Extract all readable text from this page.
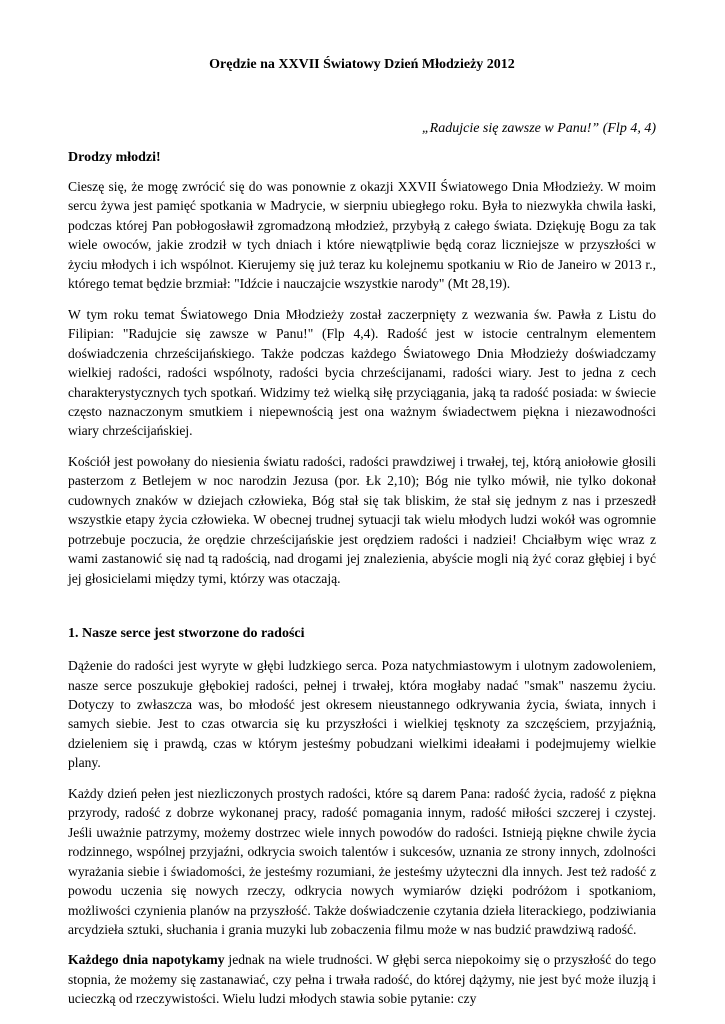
Orędzie na XXVII Światowy Dzień Młodzieży 2012
„Radujcie się zawsze w Panu!” (Flp 4, 4)
Drodzy młodzi!

Cieszę się, że mogę zwrócić się do was ponownie z okazji XXVII Światowego Dnia Młodzieży. W moim sercu żywa jest pamięć spotkania w Madrycie, w sierpniu ubiegłego roku. Była to niezwykła chwila łaski, podczas której Pan pobłogosławił zgromadzoną młodzież, przybyłą z całego świata. Dziękuję Bogu za tak wiele owoców, jakie zrodził w tych dniach i które niewątpliwie będą coraz liczniejsze w przyszłości w życiu młodych i ich wspólnot. Kierujemy się już teraz ku kolejnemu spotkaniu w Rio de Janeiro w 2013 r., którego temat będzie brzmiał: "Idźcie i nauczajcie wszystkie narody" (Mt 28,19).

W tym roku temat Światowego Dnia Młodzieży został zaczerpnięty z wezwania św. Pawła z Listu do Filipian: "Radujcie się zawsze w Panu!" (Flp 4,4). Radość jest w istocie centralnym elementem doświadczenia chrześcijańskiego. Także podczas każdego Światowego Dnia Młodzieży doświadczamy wielkiej radości, radości wspólnoty, radości bycia chrześcijanami, radości wiary. Jest to jedna z cech charakterystycznych tych spotkań. Widzimy też wielką siłę przyciągania, jaką ta radość posiada: w świecie często naznaczonym smutkiem i niepewnością jest ona ważnym świadectwem piękna i niezawodności wiary chrześcijańskiej.

Kościół jest powołany do niesienia światu radości, radości prawdziwej i trwałej, tej, którą aniołowie głosili pasterzom z Betlejem w noc narodzin Jezusa (por. Łk 2,10); Bóg nie tylko mówił, nie tylko dokonał cudownych znaków w dziejach człowieka, Bóg stał się tak bliskim, że stał się jednym z nas i przeszedł wszystkie etapy życia człowieka. W obecnej trudnej sytuacji tak wielu młodych ludzi wokół was ogromnie potrzebuje poczucia, że orędzie chrześcijańskie jest orędziem radości i nadziei! Chciałbym więc wraz z wami zastanowić się nad tą radością, nad drogami jej znalezienia, abyście mogli nią żyć coraz głębiej i być jej głosicielami między tymi, którzy was otaczają.

1. Nasze serce jest stworzone do radości

Dążenie do radości jest wyryte w głębi ludzkiego serca. Poza natychmiastowym i ulotnym zadowoleniem, nasze serce poszukuje głębokiej radości, pełnej i trwałej, która mogłaby nadać "smak" naszemu życiu. Dotyczy to zwłaszcza was, bo młodość jest okresem nieustannego odkrywania życia, świata, innych i samych siebie. Jest to czas otwarcia się ku przyszłości i wielkiej tęsknoty za szczęściem, przyjaźnią, dzieleniem się i prawdą, czas w którym jesteśmy pobudzani wielkimi ideałami i podejmujemy wielkie plany.

Każdy dzień pełen jest niezliczonych prostych radości, które są darem Pana: radość życia, radość z piękna przyrody, radość z dobrze wykonanej pracy, radość pomagania innym, radość miłości szczerej i czystej. Jeśli uważnie patrzymy, możemy dostrzec wiele innych powodów do radości. Istnieją piękne chwile życia rodzinnego, wspólnej przyjaźni, odkrycia swoich talentów i sukcesów, uznania ze strony innych, zdolności wyrażania siebie i świadomości, że jesteśmy rozumiani, że jesteśmy użyteczni dla innych. Jest też radość z powodu uczenia się nowych rzeczy, odkrycia nowych wymiarów dzięki podróżom i spotkaniom, możliwości czynienia planów na przyszłość. Także doświadczenie czytania dzieła literackiego, podziwiania arcydzieła sztuki, słuchania i grania muzyki lub zobaczenia filmu może w nas budzić prawdziwą radość.

Każdego dnia napotykamy jednak na wiele trudności. W głębi serca niepokoimy się o przyszłość do tego stopnia, że możemy się zastanawiać, czy pełna i trwała radość, do której dążymy, nie jest być może iluzją i ucieczką od rzeczywistości. Wielu ludzi młodych stawia sobie pytanie: czy
